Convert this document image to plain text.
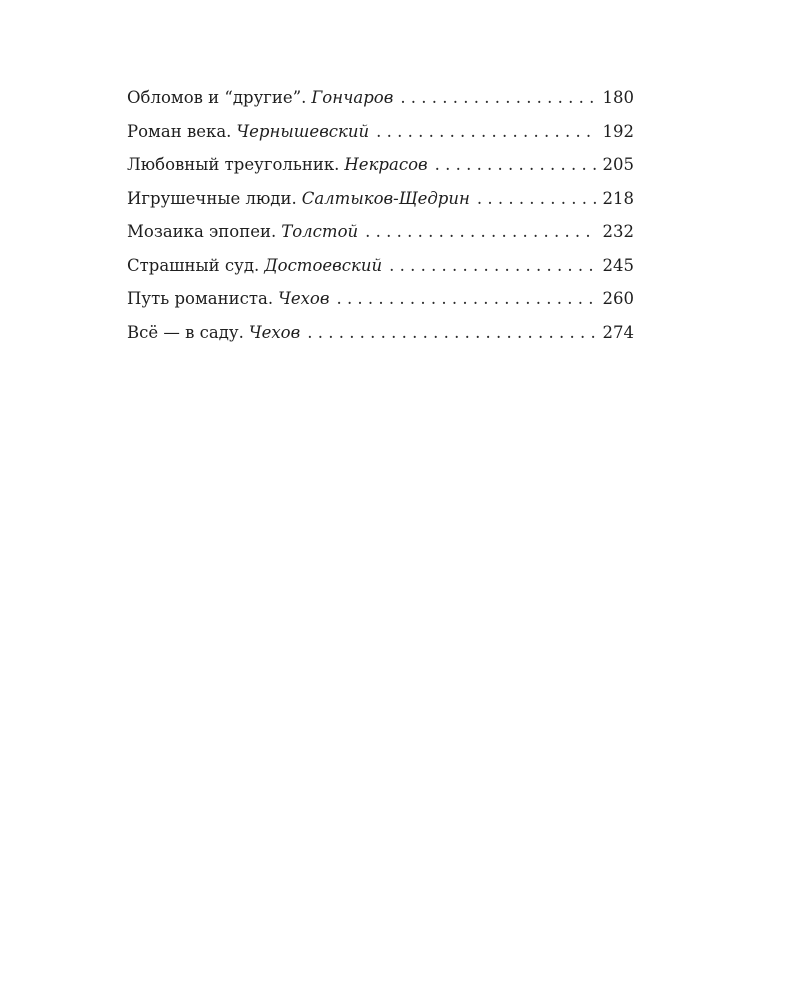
Обломов и “другие”. Гончаров . . .	180
Роман века. Чернышевский . . .	192
Любовный треугольник. Некрасов . . .	205
Игрушечные люди. Салтыков-Щедрин . . .	218
Мозаика эпопеи. Толстой . . .	232
Страшный суд. Достоевский . . .	245
Путь романиста. Чехов . . .	260
Всё — в саду. Чехов . . .	274
